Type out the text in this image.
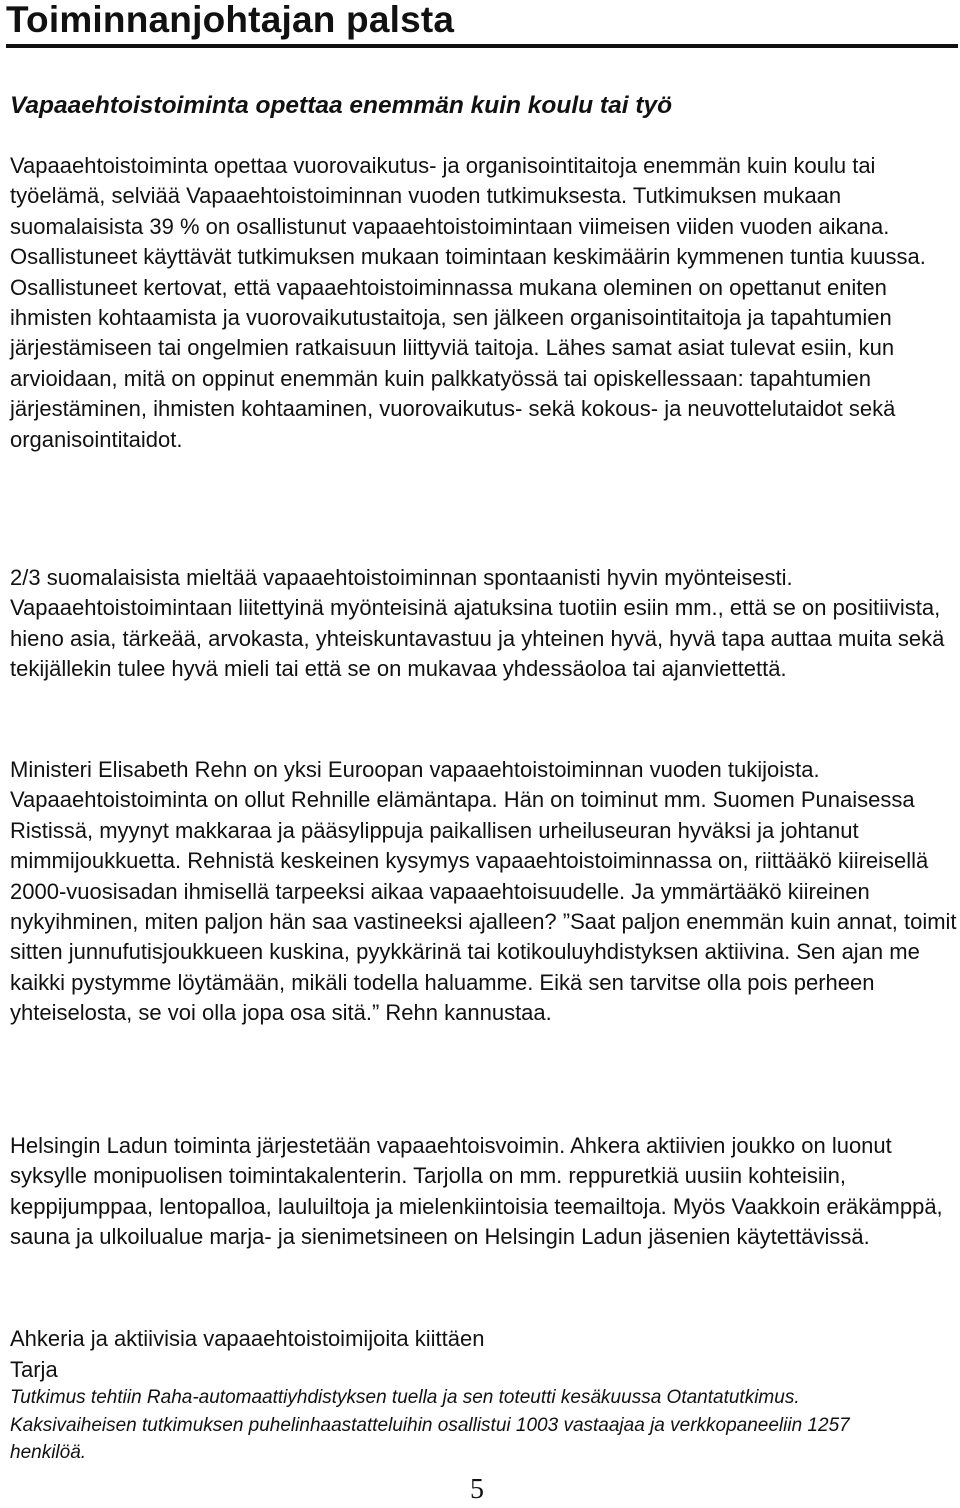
Toiminnanjohtajan palsta
Vapaaehtoistoiminta opettaa enemmän kuin koulu tai työ

Vapaaehtoistoiminta opettaa vuorovaikutus- ja organisointitaitoja enemmän kuin koulu tai työelämä, selviää Vapaaehtoistoiminnan vuoden tutkimuksesta. Tutkimuksen mukaan suomalaisista 39 % on osallistunut vapaaehtoistoimintaan viimeisen viiden vuoden aikana. Osallistuneet käyttävät tutkimuksen mukaan toimintaan keskimäärin kymmenen tuntia kuussa. Osallistuneet kertovat, että vapaaehtoistoiminnassa mukana oleminen on opettanut eniten ihmisten kohtaamista ja vuorovaikutustaitoja, sen jälkeen organisointitaitoja ja tapahtumien järjestämiseen tai ongelmien ratkaisuun liittyviä taitoja. Lähes samat asiat tulevat esiin, kun arvioidaan, mitä on oppinut enemmän kuin palkkatyössä tai opiskellessaan: tapahtumien järjestäminen, ihmisten kohtaaminen, vuorovaikutus- sekä kokous- ja neuvottelutaidot sekä organisointitaidot.

2/3 suomalaisista mieltää vapaaehtoistoiminnan spontaanisti hyvin myönteisesti. Vapaaehtoistoimintaan liitettyinä myönteisinä ajatuksina tuotiin esiin mm., että se on positiivista, hieno asia, tärkeää, arvokasta, yhteiskuntavastuu ja yhteinen hyvä, hyvä tapa auttaa muita sekä tekijällekin tulee hyvä mieli tai että se on mukavaa yhdessäoloa tai ajanviettettä.

Ministeri Elisabeth Rehn on yksi Euroopan vapaaehtoistoiminnan vuoden tukijoista. Vapaaehtoistoiminta on ollut Rehnille elämäntapa. Hän on toiminut mm. Suomen Punaisessa Ristissä, myynyt makkaraa ja pääsylippuja paikallisen urheiluseuran hyväksi ja johtanut mimmijoukkuetta. Rehnistä keskeinen kysymys vapaaehtoistoiminnassa on, riittääkö kiireisellä 2000-vuosisadan ihmisellä tarpeeksi aikaa vapaaehtoisuudelle. Ja ymmärtääkö kiireinen nykyihminen, miten paljon hän saa vastineeksi ajalleen? ”Saat paljon enemmän kuin annat, toimit sitten junnufutisjoukkueen kuskina, pyykkärinä tai kotikouluyhdistyksen aktiivina. Sen ajan me kaikki pystymme löytämään, mikäli todella haluamme. Eikä sen tarvitse olla pois perheen yhteiselosta, se voi olla jopa osa sitä.” Rehn kannustaa.

Helsingin Ladun toiminta järjestetään vapaaehtoisvoimin. Ahkera aktiivien joukko on luonut syksylle monipuolisen toimintakalenterin. Tarjolla on mm. reppuretkiä uusiin kohteisiin, keppijumppaa, lentopalloa, lauluiltoja ja mielenkiintoisia teemailtoja. Myös Vaakkoin eräkämppä, sauna ja ulkoilualue marja- ja sienimetsineen on Helsingin Ladun jäsenien käytettävissä.

Ahkeria ja aktiivisia vapaaehtoistoimijoita kiittäen

Tarja

Tutkimus tehtiin Raha-automaattiyhdistyksen tuella ja sen toteutti kesäkuussa Otantatutkimus. Kaksivaiheisen tutkimuksen puhelinhaastatteluihin osallistui 1003 vastaajaa ja verkkopaneeliin 1257 henkilöä.

5
